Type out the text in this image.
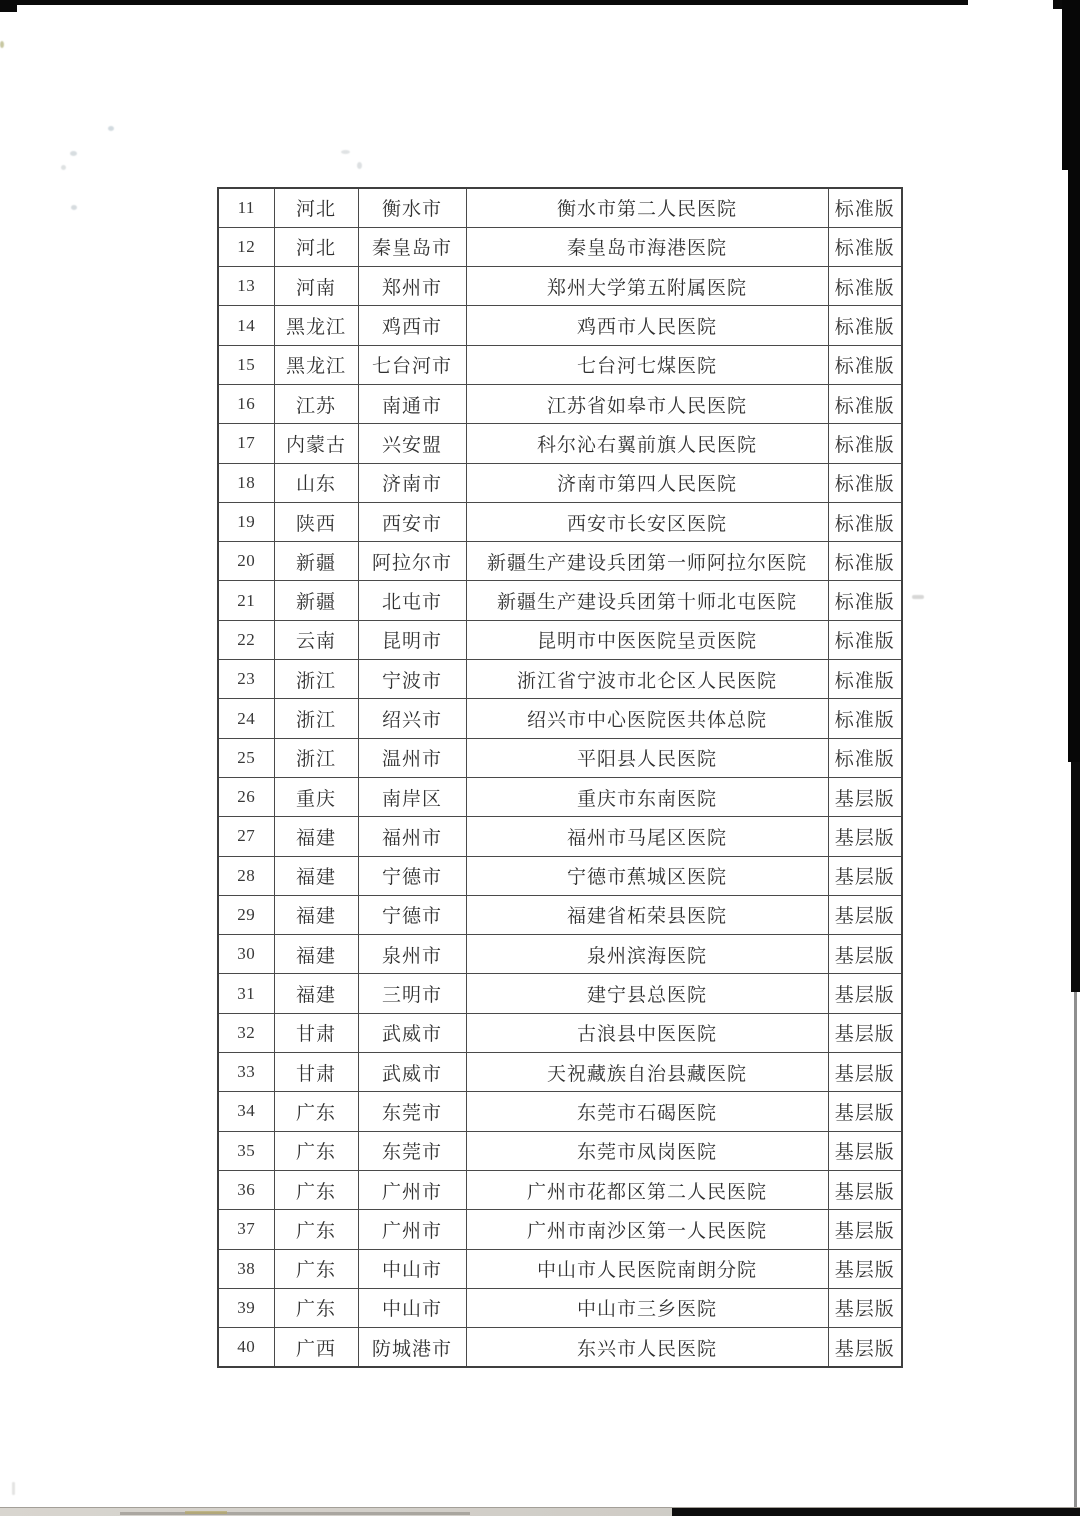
11	河北	衡水市	衡水市第二人民医院	标准版
12	河北	秦皇岛市	秦皇岛市海港医院	标准版
13	河南	郑州市	郑州大学第五附属医院	标准版
14	黑龙江	鸡西市	鸡西市人民医院	标准版
15	黑龙江	七台河市	七台河七煤医院	标准版
16	江苏	南通市	江苏省如皋市人民医院	标准版
17	内蒙古	兴安盟	科尔沁右翼前旗人民医院	标准版
18	山东	济南市	济南市第四人民医院	标准版
19	陕西	西安市	西安市长安区医院	标准版
20	新疆	阿拉尔市	新疆生产建设兵团第一师阿拉尔医院	标准版
21	新疆	北屯市	新疆生产建设兵团第十师北屯医院	标准版
22	云南	昆明市	昆明市中医医院呈贡医院	标准版
23	浙江	宁波市	浙江省宁波市北仑区人民医院	标准版
24	浙江	绍兴市	绍兴市中心医院医共体总院	标准版
25	浙江	温州市	平阳县人民医院	标准版
26	重庆	南岸区	重庆市东南医院	基层版
27	福建	福州市	福州市马尾区医院	基层版
28	福建	宁德市	宁德市蕉城区医院	基层版
29	福建	宁德市	福建省柘荣县医院	基层版
30	福建	泉州市	泉州滨海医院	基层版
31	福建	三明市	建宁县总医院	基层版
32	甘肃	武威市	古浪县中医医院	基层版
33	甘肃	武威市	天祝藏族自治县藏医院	基层版
34	广东	东莞市	东莞市石碣医院	基层版
35	广东	东莞市	东莞市凤岗医院	基层版
36	广东	广州市	广州市花都区第二人民医院	基层版
37	广东	广州市	广州市南沙区第一人民医院	基层版
38	广东	中山市	中山市人民医院南朗分院	基层版
39	广东	中山市	中山市三乡医院	基层版
40	广西	防城港市	东兴市人民医院	基层版
